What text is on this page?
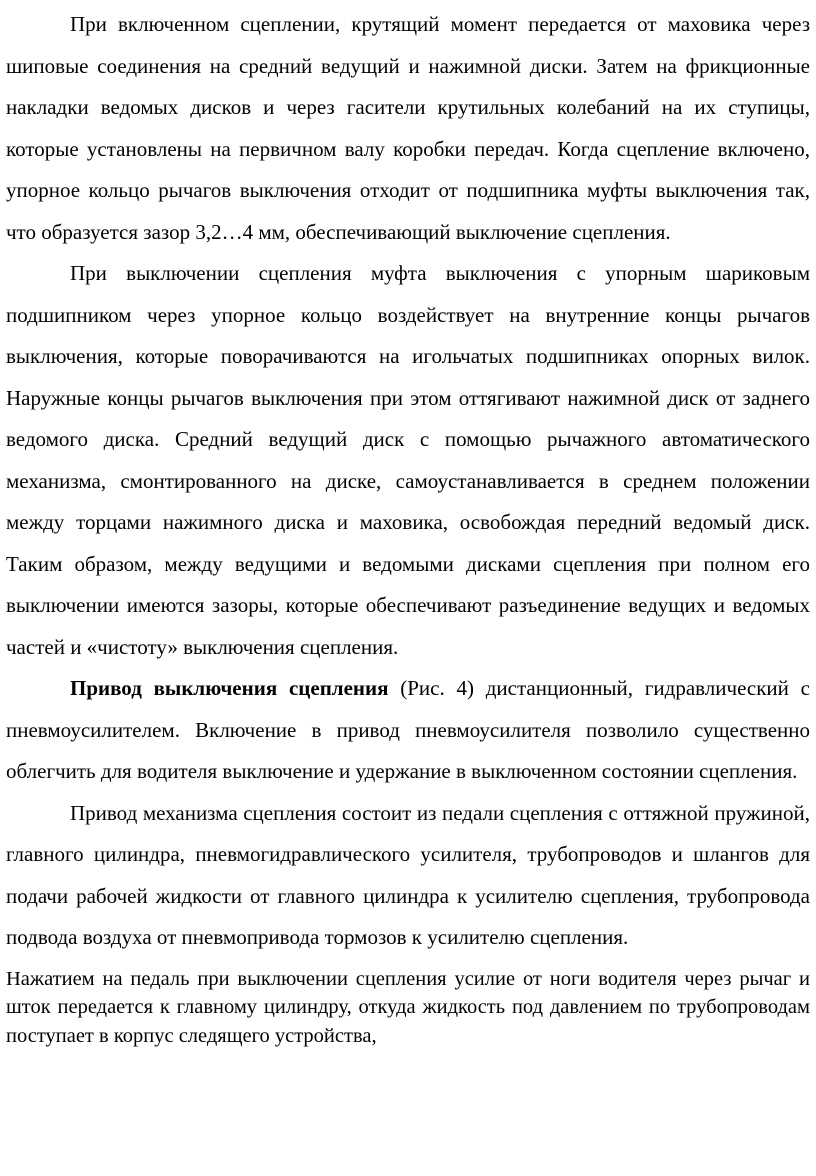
При включенном сцеплении, крутящий момент передается от маховика через шиповые соединения на средний ведущий и нажимной диски. Затем на фрикционные накладки ведомых дисков и через гасители крутильных колебаний на их ступицы, которые установлены на первичном валу коробки передач. Когда сцепление включено, упорное кольцо рычагов выключения отходит от подшипника муфты выключения так, что образуется зазор 3,2…4 мм, обеспечивающий выключение сцепления.

При выключении сцепления муфта выключения с упорным шариковым подшипником через упорное кольцо воздействует на внутренние концы рычагов выключения, которые поворачиваются на игольчатых подшипниках опорных вилок. Наружные концы рычагов выключения при этом оттягивают нажимной диск от заднего ведомого диска. Средний ведущий диск с помощью рычажного автоматического механизма, смонтированного на диске, самоустанавливается в среднем положении между торцами нажимного диска и маховика, освобождая передний ведомый диск. Таким образом, между ведущими и ведомыми дисками сцепления при полном его выключении имеются зазоры, которые обеспечивают разъединение ведущих и ведомых частей и «чистоту» выключения сцепления.

Привод выключения сцепления (Рис. 4) дистанционный, гидравлический с пневмоусилителем. Включение в привод пневмоусилителя позволило существенно облегчить для водителя выключение и удержание в выключенном состоянии сцепления.

Привод механизма сцепления состоит из педали сцепления с оттяжной пружиной, главного цилиндра, пневмогидравлического усилителя, трубопроводов и шлангов для подачи рабочей жидкости от главного цилиндра к усилителю сцепления, трубопровода подвода воздуха от пневмопривода тормозов к усилителю сцепления.

Нажатием на педаль при выключении сцепления усилие от ноги водителя через рычаг и шток передается к главному цилиндру, откуда жидкость под давлением по трубопроводам поступает в корпус следящего устройства,
